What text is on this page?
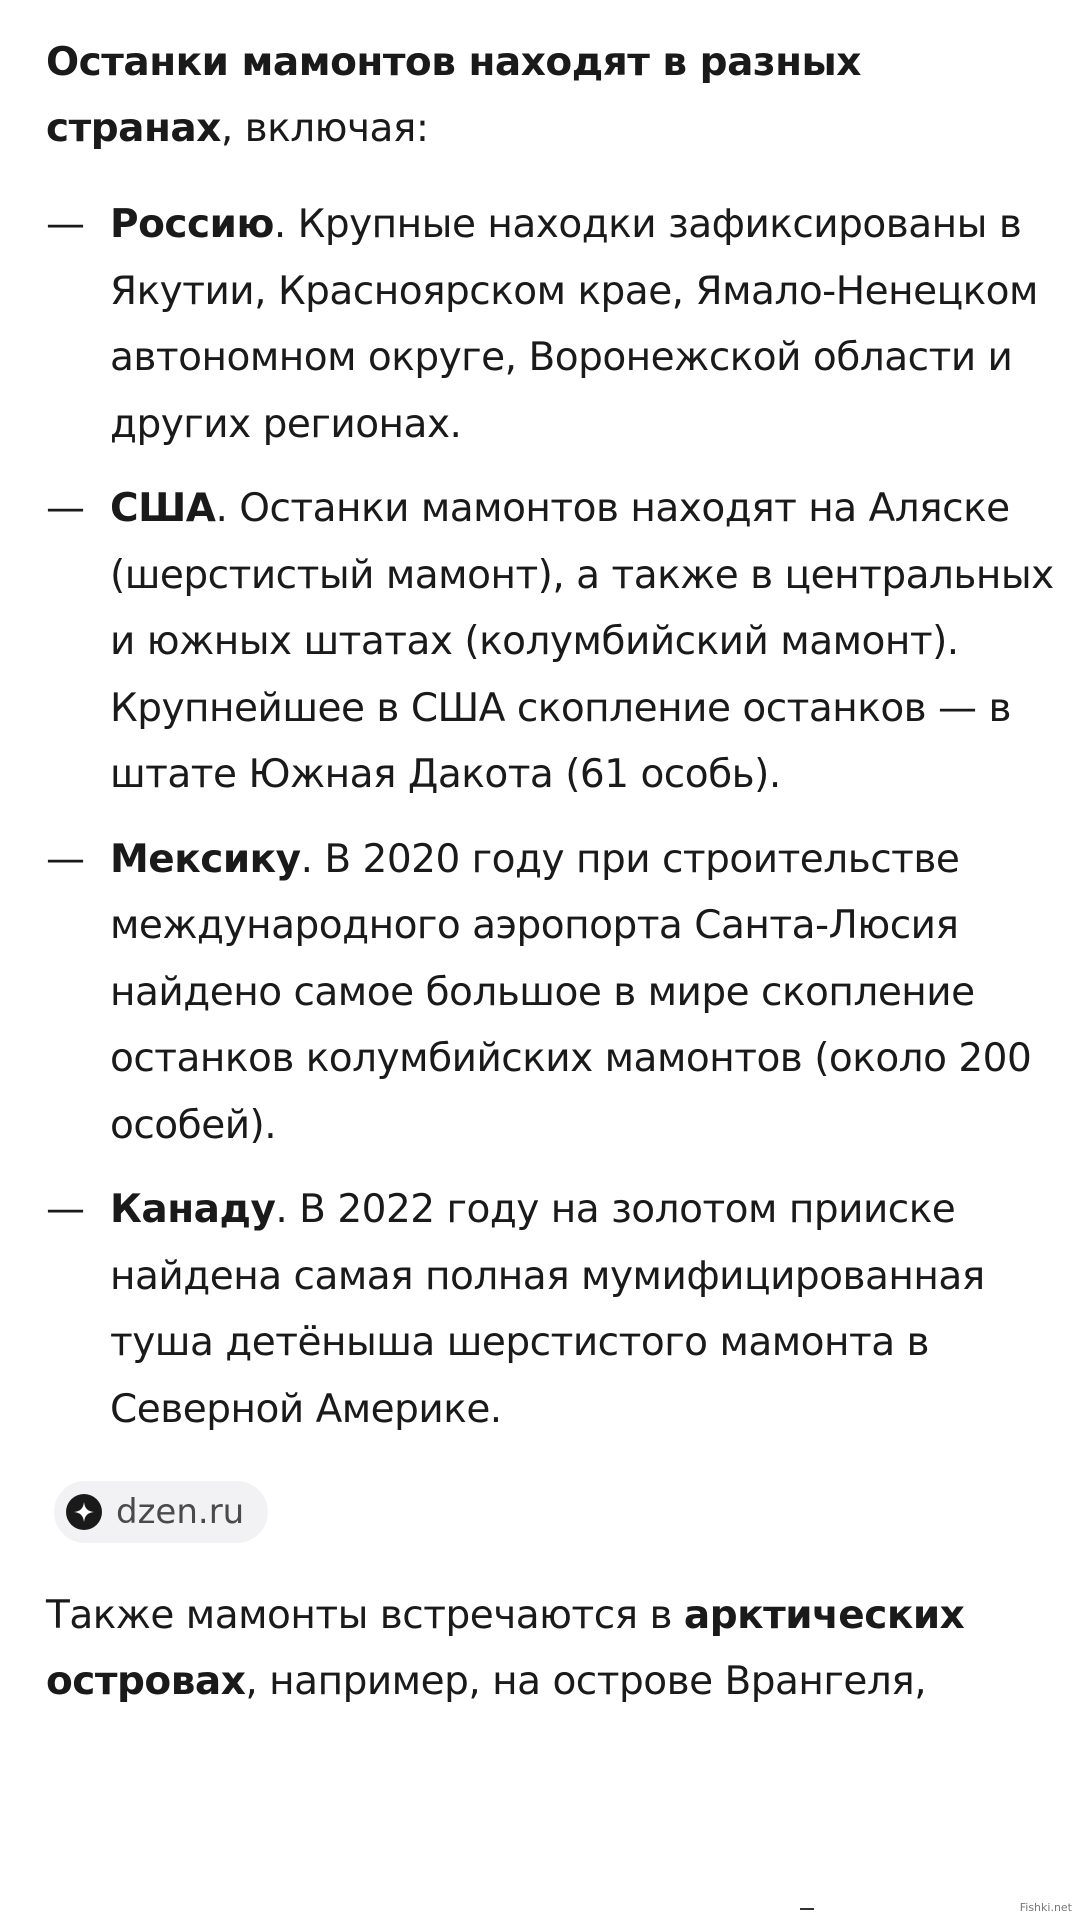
Останки мамонтов находят в разных странах, включая:

— Россию. Крупные находки зафиксированы в Якутии, Красноярском крае, Ямало-Ненецком автономном округе, Воронежской области и других регионах.
— США. Останки мамонтов находят на Аляске (шерстистый мамонт), а также в центральных и южных штатах (колумбийский мамонт). Крупнейшее в США скопление останков — в штате Южная Дакота (61 особь).
— Мексику. В 2020 году при строительстве международного аэропорта Санта-Люсия найдено самое большое в мире скопление останков колумбийских мамонтов (около 200 особей).
— Канаду. В 2022 году на золотом прииске найдена самая полная мумифицированная туша детёныша шерстистого мамонта в Северной Америке.
dzen.ru

Также мамонты встречаются в арктических островах, например, на острове Врангеля,

Fishki.net
